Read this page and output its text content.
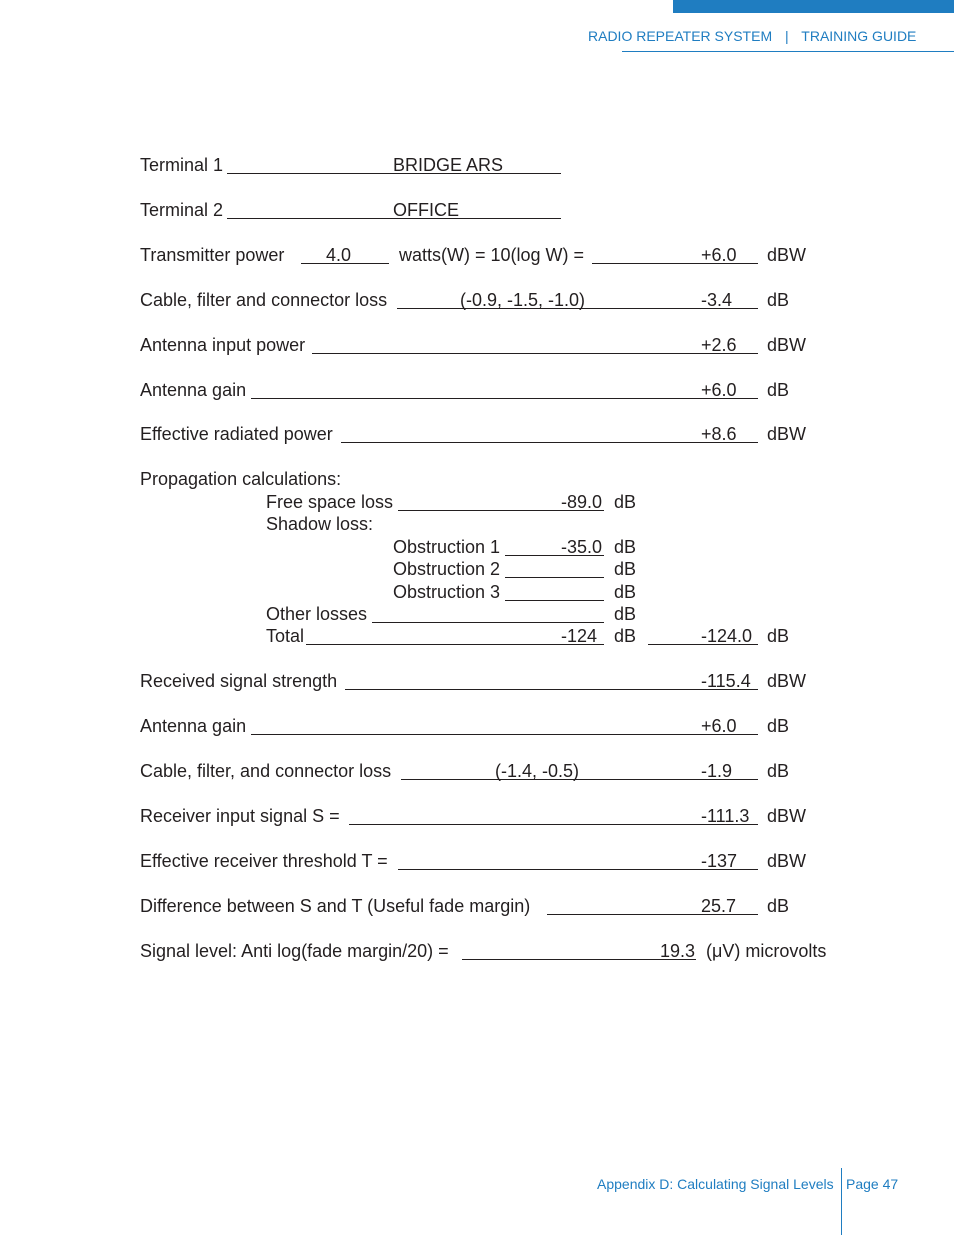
RADIO REPEATER SYSTEM | TRAINING GUIDE
Terminal 1	BRIDGE ARS
Terminal 2	OFFICE
Transmitter power 4.0	watts(W) = 10(log W) =	+6.0 dBW
Cable, filter and connector loss	(-0.9, -1.5, -1.0)	-3.4 dB
Antenna input power	+2.6 dBW
Antenna gain	+6.0 dB
Effective radiated power	+8.6 dBW
Propagation calculations:
Free space loss	-89.0 dB
Shadow loss:
Obstruction 1	-35.0 dB
Obstruction 2	dB
Obstruction 3	dB
Other losses	dB
Total	-124 dB	-124.0 dB
Received signal strength	-115.4 dBW
Antenna gain	+6.0 dB
Cable, filter, and connector loss	(-1.4, -0.5)	-1.9 dB
Receiver input signal S =	-111.3 dBW
Effective receiver threshold T =	-137 dBW
Difference between S and T (Useful fade margin)	25.7 dB
Signal level: Anti log(fade margin/20) =	19.3 (μV) microvolts
Appendix D: Calculating Signal Levels Page 47
